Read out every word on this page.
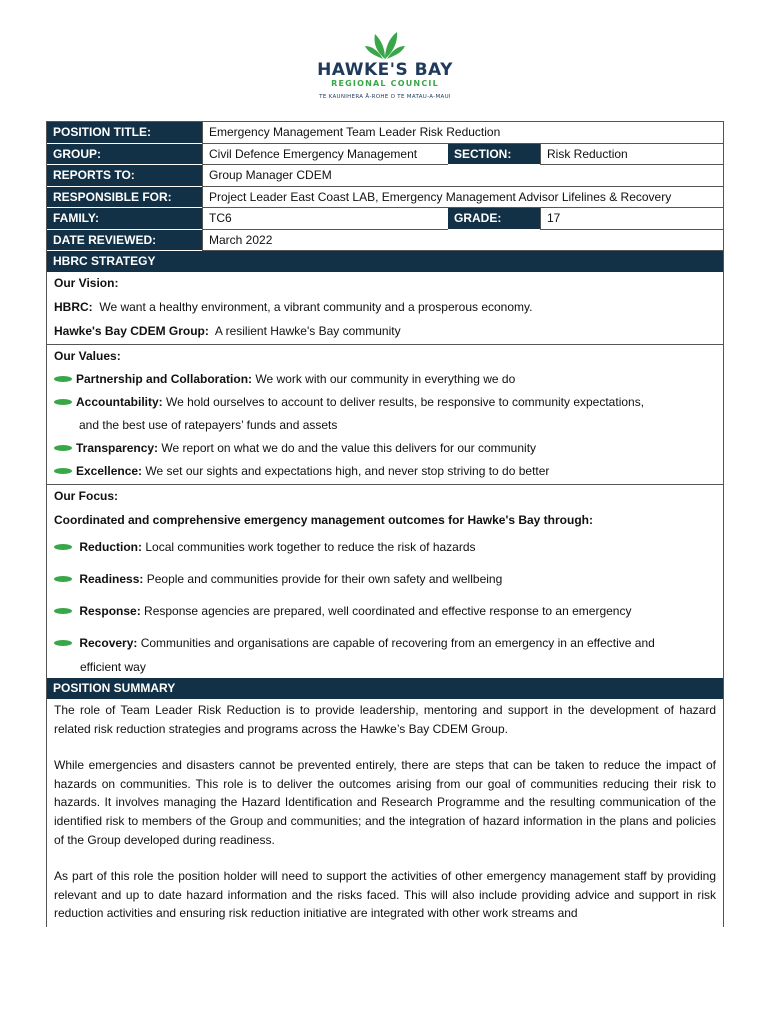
HAWKE'S BAY
REGIONAL COUNCIL
TE KAUNIHERA Ā-ROHE O TE MATAU-A-MAUI
POSITION TITLE:	Emergency Management Team Leader Risk Reduction
GROUP:	Civil Defence Emergency Management	SECTION:	Risk Reduction
REPORTS TO:	Group Manager CDEM
RESPONSIBLE FOR:	Project Leader East Coast LAB, Emergency Management Advisor Lifelines & Recovery
FAMILY:	TC6	GRADE:	17
DATE REVIEWED:	March 2022
HBRC STRATEGY

Our Vision:

HBRC: We want a healthy environment, a vibrant community and a prosperous economy.

Hawke's Bay CDEM Group: A resilient Hawke's Bay community

Our Values:

Partnership and Collaboration:
We work with our community in everything we do
Accountability:
We hold ourselves to account to deliver results, be responsive to community expectations,

and the best use of ratepayers’ funds and assets

Transparency:
We report on what we do and the value this delivers for our community
Excellence:
We set our sights and expectations high, and never stop striving to do better

Our Focus:

Coordinated and comprehensive emergency management outcomes for Hawke's Bay through:

Reduction:
Local communities work together to reduce the risk of hazards

Readiness:
People and communities provide for their own safety and wellbeing

Response:
Response agencies are prepared, well coordinated and effective response to an emergency

Recovery:
Communities and organisations are capable of recovering from an emergency in an effective and

efficient way

POSITION SUMMARY

The role of Team Leader Risk Reduction is to provide leadership, mentoring and support in the development of hazard related risk reduction strategies and programs across the Hawke’s Bay CDEM Group.

While emergencies and disasters cannot be prevented entirely, there are steps that can be taken to reduce the impact of hazards on communities. This role is to deliver the outcomes arising from our goal of communities reducing their risk to hazards. It involves managing the Hazard Identification and Research Programme and the resulting communication of the identified risk to members of the Group and communities; and the integration of hazard information in the plans and policies of the Group developed during readiness.

As part of this role the position holder will need to support the activities of other emergency management staff by providing relevant and up to date hazard information and the risks faced. This will also include providing advice and support in risk reduction activities and ensuring risk reduction initiative are integrated with other work streams and
